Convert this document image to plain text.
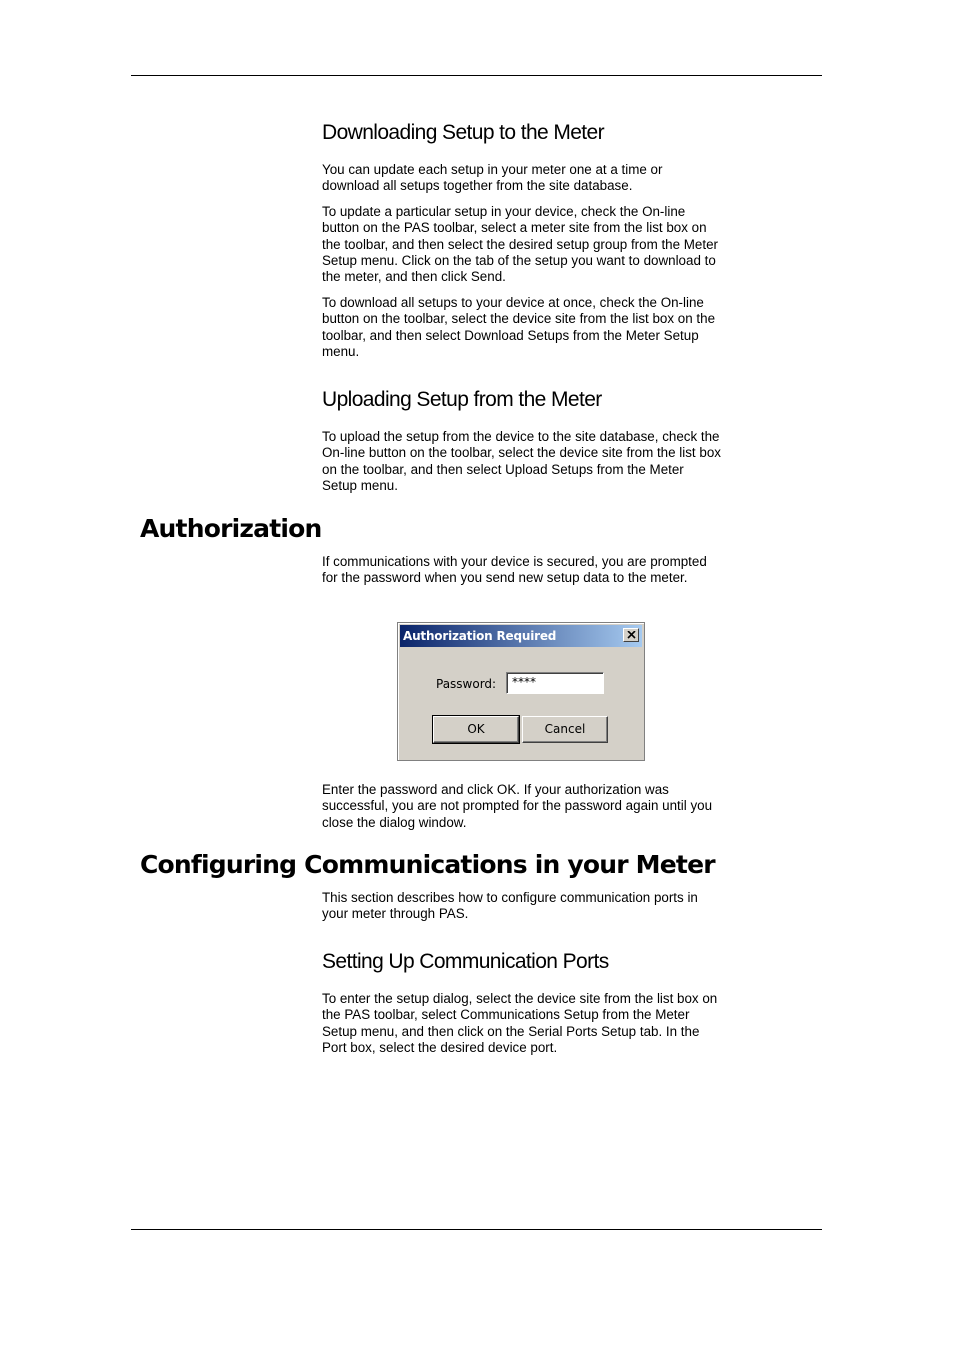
Downloading Setup to the Meter

You can update each setup in your meter one at a time or download all setups together from the site database.

To update a particular setup in your device, check the On-line button on the PAS toolbar, select a meter site from the list box on the toolbar, and then select the desired setup group from the Meter Setup menu. Click on the tab of the setup you want to download to the meter, and then click Send.

To download all setups to your device at once, check the On-line button on the toolbar, select the device site from the list box on the toolbar, and then select Download Setups from the Meter Setup menu.

Uploading Setup from the Meter

To upload the setup from the device to the site database, check the On-line button on the toolbar, select the device site from the list box on the toolbar, and then select Upload Setups from the Meter Setup menu.

Authorization

If communications with your device is secured, you are prompted for the password when you send new setup data to the meter.

Authorization Required
Password:	****
OK	Cancel

Enter the password and click OK. If your authorization was successful, you are not prompted for the password again until you close the dialog window.

Configuring Communications in your Meter

This section describes how to configure communication ports in your meter through PAS.

Setting Up Communication Ports

To enter the setup dialog, select the device site from the list box on the PAS toolbar, select Communications Setup from the Meter Setup menu, and then click on the Serial Ports Setup tab. In the Port box, select the desired device port.
